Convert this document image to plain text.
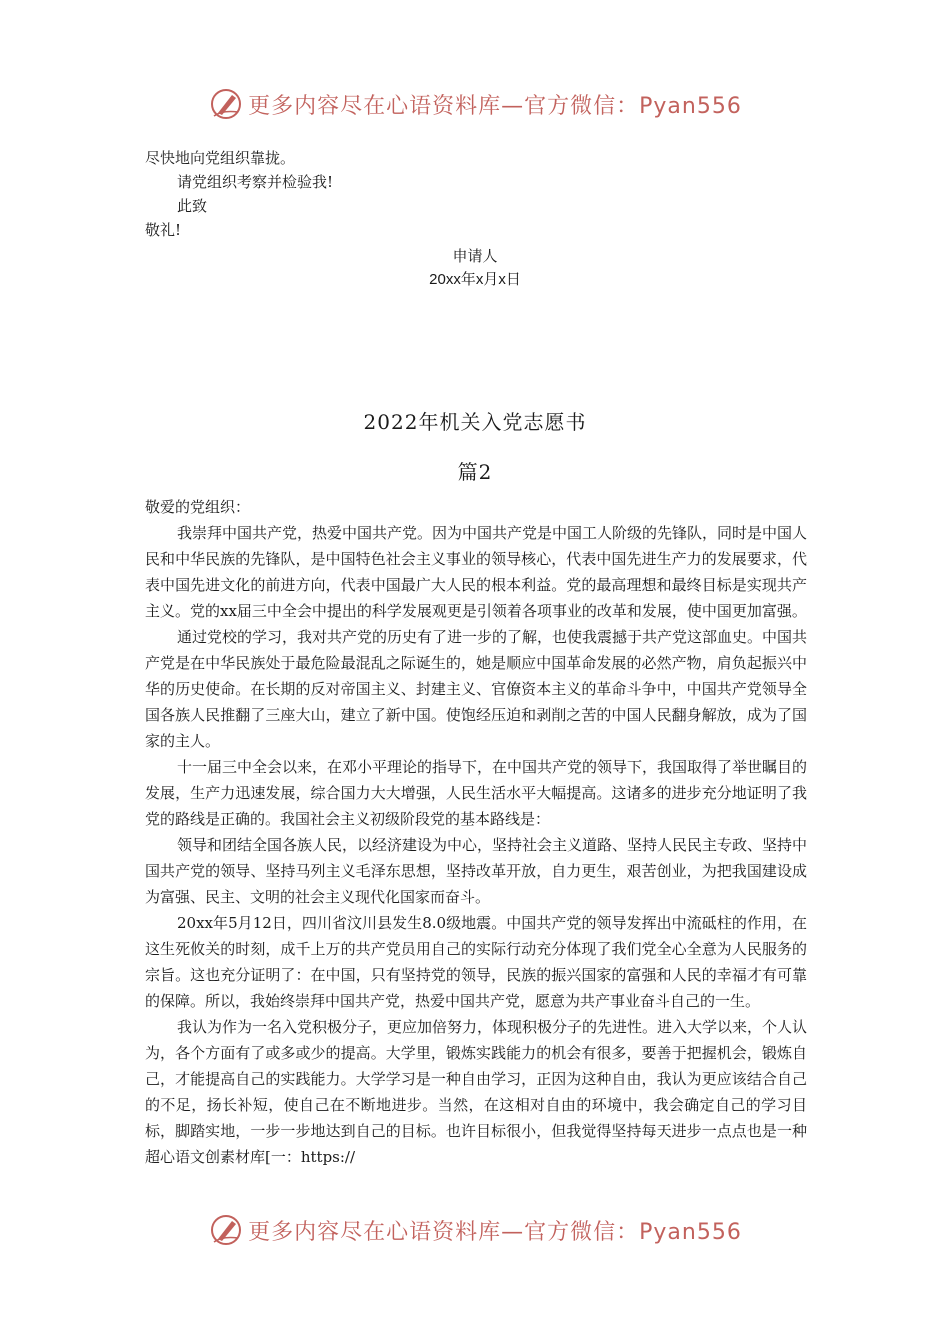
更多内容尽在心语资料库—官方微信：Pyan556
尽快地向党组织靠拢。
请党组织考察并检验我!
此致
敬礼!
申请人
20xx年x月x日
2022年机关入党志愿书
篇2

敬爱的党组织：

我崇拜中国共产党，热爱中国共产党。因为中国共产党是中国工人阶级的先锋队，同时是中国人民和中华民族的先锋队，是中国特色社会主义事业的领导核心，代表中国先进生产力的发展要求，代表中国先进文化的前进方向，代表中国最广大人民的根本利益。党的最高理想和最终目标是实现共产主义。党的xx届三中全会中提出的科学发展观更是引领着各项事业的改革和发展，使中国更加富强。

通过党校的学习，我对共产党的历史有了进一步的了解，也使我震撼于共产党这部血史。中国共产党是在中华民族处于最危险最混乱之际诞生的，她是顺应中国革命发展的必然产物，肩负起振兴中华的历史使命。在长期的反对帝国主义、封建主义、官僚资本主义的革命斗争中，中国共产党领导全国各族人民推翻了三座大山，建立了新中国。使饱经压迫和剥削之苦的中国人民翻身解放，成为了国家的主人。

十一届三中全会以来，在邓小平理论的指导下，在中国共产党的领导下，我国取得了举世瞩目的发展，生产力迅速发展，综合国力大大增强，人民生活水平大幅提高。这诸多的进步充分地证明了我党的路线是正确的。我国社会主义初级阶段党的基本路线是：

领导和团结全国各族人民，以经济建设为中心，坚持社会主义道路、坚持人民民主专政、坚持中国共产党的领导、坚持马列主义毛泽东思想，坚持改革开放，自力更生，艰苦创业，为把我国建设成为富强、民主、文明的社会主义现代化国家而奋斗。

20xx年5月12日，四川省汶川县发生8.0级地震。中国共产党的领导发挥出中流砥柱的作用，在这生死攸关的时刻，成千上万的共产党员用自己的实际行动充分体现了我们党全心全意为人民服务的宗旨。这也充分证明了：在中国，只有坚持党的领导，民族的振兴国家的富强和人民的幸福才有可靠的保障。所以，我始终崇拜中国共产党，热爱中国共产党，愿意为共产事业奋斗自己的一生。

我认为作为一名入党积极分子，更应加倍努力，体现积极分子的先进性。进入大学以来，个人认为，各个方面有了或多或少的提高。大学里，锻炼实践能力的机会有很多，要善于把握机会，锻炼自己，才能提高自己的实践能力。大学学习是一种自由学习，正因为这种自由，我认为更应该结合自己的不足，扬长补短，使自己在不断地进步。当然，在这相对自由的环境中，我会确定自己的学习目标，脚踏实地，一步一步地达到自己的目标。也许目标很小，但我觉得坚持每天进步一点点也是一种超心语文创素材库[一：https://

更多内容尽在心语资料库—官方微信：Pyan556
